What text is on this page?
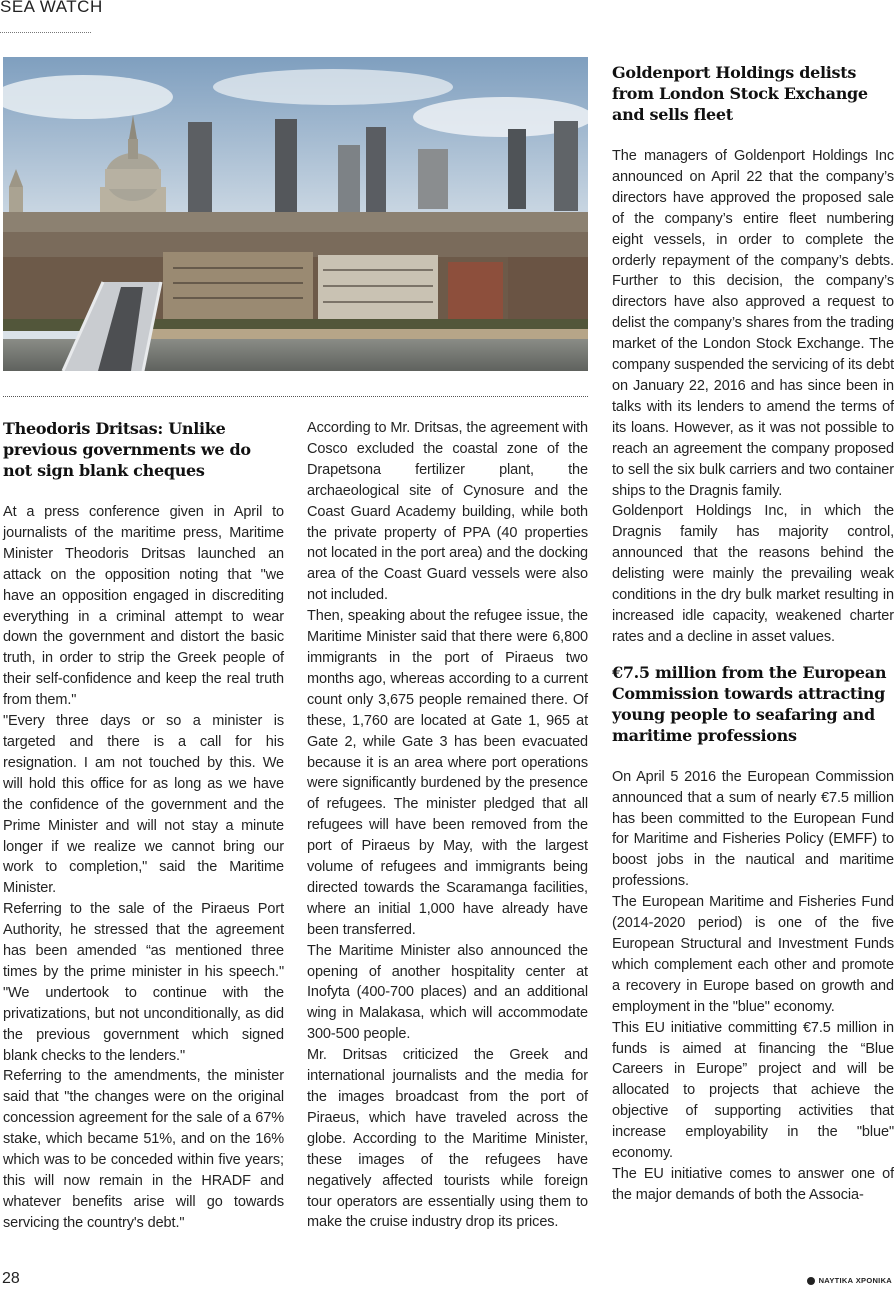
SEA WATCH
Theodoris Dritsas: Unlike previous governments we do not sign blank cheques

At a press conference given in April to journalists of the maritime press, Maritime Minister Theodoris Dritsas launched an attack on the opposition noting that "we have an opposition engaged in discrediting everything in a criminal attempt to wear down the government and distort the basic truth, in order to strip the Greek people of their self-confidence and keep the real truth from them."

"Every three days or so a minister is targeted and there is a call for his resignation. I am not touched by this. We will hold this office for as long as we have the confidence of the government and the Prime Minister and will not stay a minute longer if we realize we cannot bring our work to completion," said the Maritime Minister.

Referring to the sale of the Piraeus Port Authority, he stressed that the agreement has been amended “as mentioned three times by the prime minister in his speech." "We undertook to continue with the privatizations, but not unconditionally, as did the previous government which signed blank checks to the lenders."

Referring to the amendments, the minister said that "the changes were on the original concession agreement for the sale of a 67% stake, which became 51%, and on the 16% which was to be conceded within five years; this will now remain in the HRADF and whatever benefits arise will go towards servicing the country's debt."

According to Mr. Dritsas, the agreement with Cosco excluded the coastal zone of the Drapetsona fertilizer plant, the archaeological site of Cynosure and the Coast Guard Academy building, while both the private property of PPA (40 properties not located in the port area) and the docking area of the Coast Guard vessels were also not included.

Then, speaking about the refugee issue, the Maritime Minister said that there were 6,800 immigrants in the port of Piraeus two months ago, whereas according to a current count only 3,675 people remained there. Of these, 1,760 are located at Gate 1, 965 at Gate 2, while Gate 3 has been evacuated because it is an area where port operations were significantly burdened by the presence of refugees. The minister pledged that all refugees will have been removed from the port of Piraeus by May, with the largest volume of refugees and immigrants being directed towards the Scaramanga facilities, where an initial 1,000 have already have been transferred.

The Maritime Minister also announced the opening of another hospitality center at Inofyta (400-700 places) and an additional wing in Malakasa, which will accommodate 300-500 people.

Mr. Dritsas criticized the Greek and international journalists and the media for the images broadcast from the port of Piraeus, which have traveled across the globe. According to the Maritime Minister, these images of the refugees have negatively affected tourists while foreign tour operators are essentially using them to make the cruise industry drop its prices.

Goldenport Holdings delists from London Stock Exchange and sells fleet

The managers of Goldenport Holdings Inc announced on April 22 that the company’s directors have approved the proposed sale of the company’s entire fleet numbering eight vessels, in order to complete the orderly repayment of the company’s debts. Further to this decision, the company’s directors have also approved a request to delist the company’s shares from the trading market of the London Stock Exchange. The company suspended the servicing of its debt on January 22, 2016 and has since been in talks with its lenders to amend the terms of its loans. However, as it was not possible to reach an agreement the company proposed to sell the six bulk carriers and two container ships to the Dragnis family.

Goldenport Holdings Inc, in which the Dragnis family has majority control, announced that the reasons behind the delisting were mainly the prevailing weak conditions in the dry bulk market resulting in increased idle capacity, weakened charter rates and a decline in asset values.

€7.5 million from the European Commission towards attracting young people to seafaring and maritime professions

On April 5 2016 the European Commission announced that a sum of nearly €7.5 million has been committed to the European Fund for Maritime and Fisheries Policy (EMFF) to boost jobs in the nautical and maritime professions.

The European Maritime and Fisheries Fund (2014-2020 period) is one of the five European Structural and Investment Funds which complement each other and promote a recovery in Europe based on growth and employment in the "blue" economy.

This EU initiative committing €7.5 million in funds is aimed at financing the “Blue Careers in Europe” project and will be allocated to projects that achieve the objective of supporting activities that increase employability in the "blue" economy.

The EU initiative comes to answer one of the major demands of both the Associa-

28	ΝΑΥΤΙΚΑ ΧΡΟΝΙΚΑ
